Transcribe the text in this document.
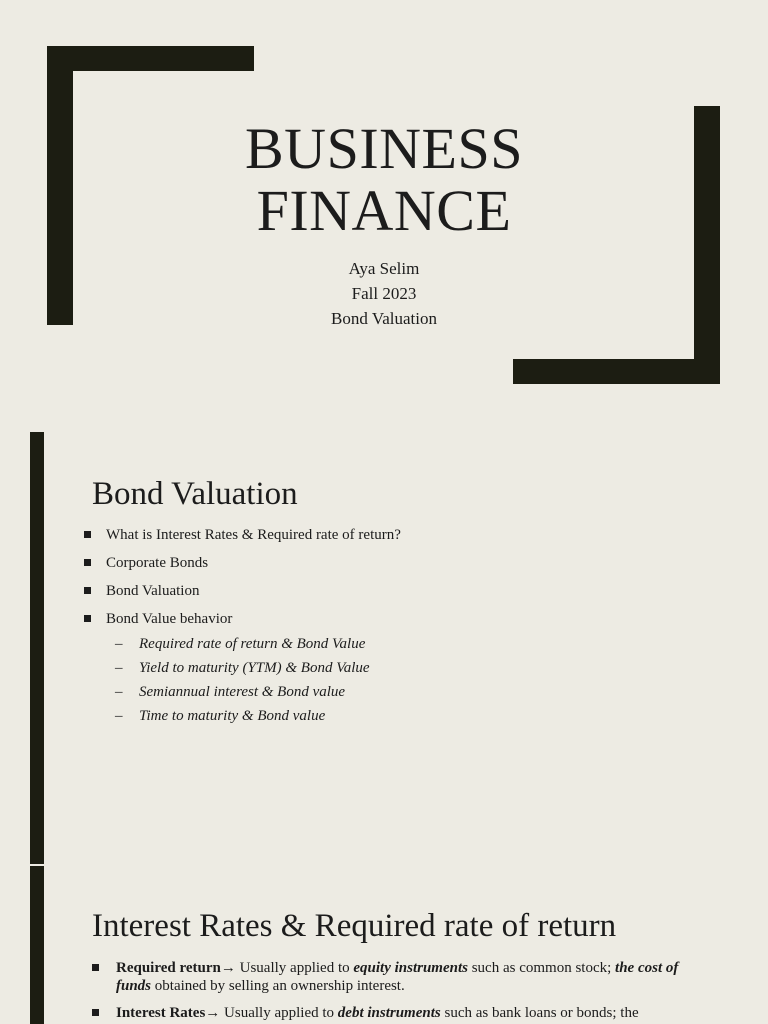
BUSINESS
FINANCE
Aya Selim
Fall 2023
Bond Valuation
Bond Valuation
What is Interest Rates & Required rate of return?
Corporate Bonds
Bond Valuation
Bond Value behavior
– Required rate of return & Bond Value
– Yield to maturity (YTM) & Bond Value
– Semiannual interest & Bond value
– Time to maturity & Bond value
Interest Rates & Required rate of return
Required return→ Usually applied to equity instruments such as common stock; the cost of funds obtained by selling an ownership interest.
Interest Rates→ Usually applied to debt instruments such as bank loans or bonds; the
